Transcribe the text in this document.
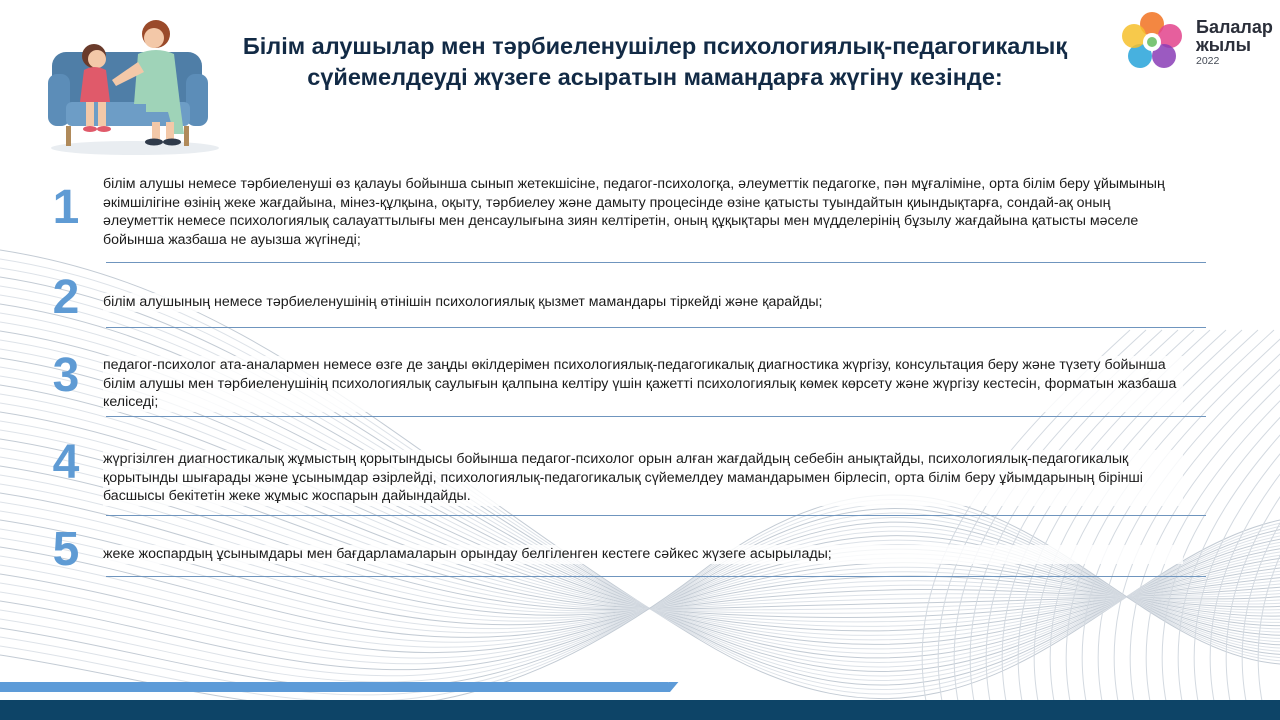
Білім алушылар мен тәрбиеленушілер психологиялық-педагогикалық сүйемелдеуді жүзеге асыратын мамандарға жүгіну кезінде:
Балалар
жылы
2022
1	білім алушы немесе тәрбиеленуші өз қалауы бойынша сынып жетекшісіне, педагог-психологқа, әлеуметтік педагогке, пән мұғаліміне, орта білім беру ұйымының әкімшілігіне өзінің жеке жағдайына, мінез-құлқына, оқыту, тәрбиелеу және дамыту процесінде өзіне қатысты туындайтын қиындықтарға, сондай-ақ оның әлеуметтік немесе психологиялық салауаттылығы мен денсаулығына зиян келтіретін, оның құқықтары мен мүдделерінің бұзылу жағдайына қатысты мәселе бойынша жазбаша не ауызша жүгінеді;
2	білім алушының немесе тәрбиеленушінің өтінішін психологиялық қызмет мамандары тіркейді және қарайды;
3	педагог-психолог ата-аналармен немесе өзге де заңды өкілдерімен психологиялық-педагогикалық диагностика жүргізу, консультация беру және түзету бойынша білім алушы мен тәрбиеленушінің психологиялық саулығын қалпына келтіру үшін қажетті психологиялық көмек көрсету және жүргізу кестесін, форматын жазбаша келіседі;
4	жүргізілген диагностикалық жұмыстың қорытындысы бойынша педагог-психолог орын алған жағдайдың себебін анықтайды, психологиялық-педагогикалық қорытынды шығарады және ұсынымдар әзірлейді, психологиялық-педагогикалық сүйемелдеу мамандарымен бірлесіп, орта білім беру ұйымдарының бірінші басшысы бекітетін жеке жұмыс жоспарын дайындайды.
5	жеке жоспардың ұсынымдары мен бағдарламаларын орындау белгіленген кестеге сәйкес жүзеге асырылады;
